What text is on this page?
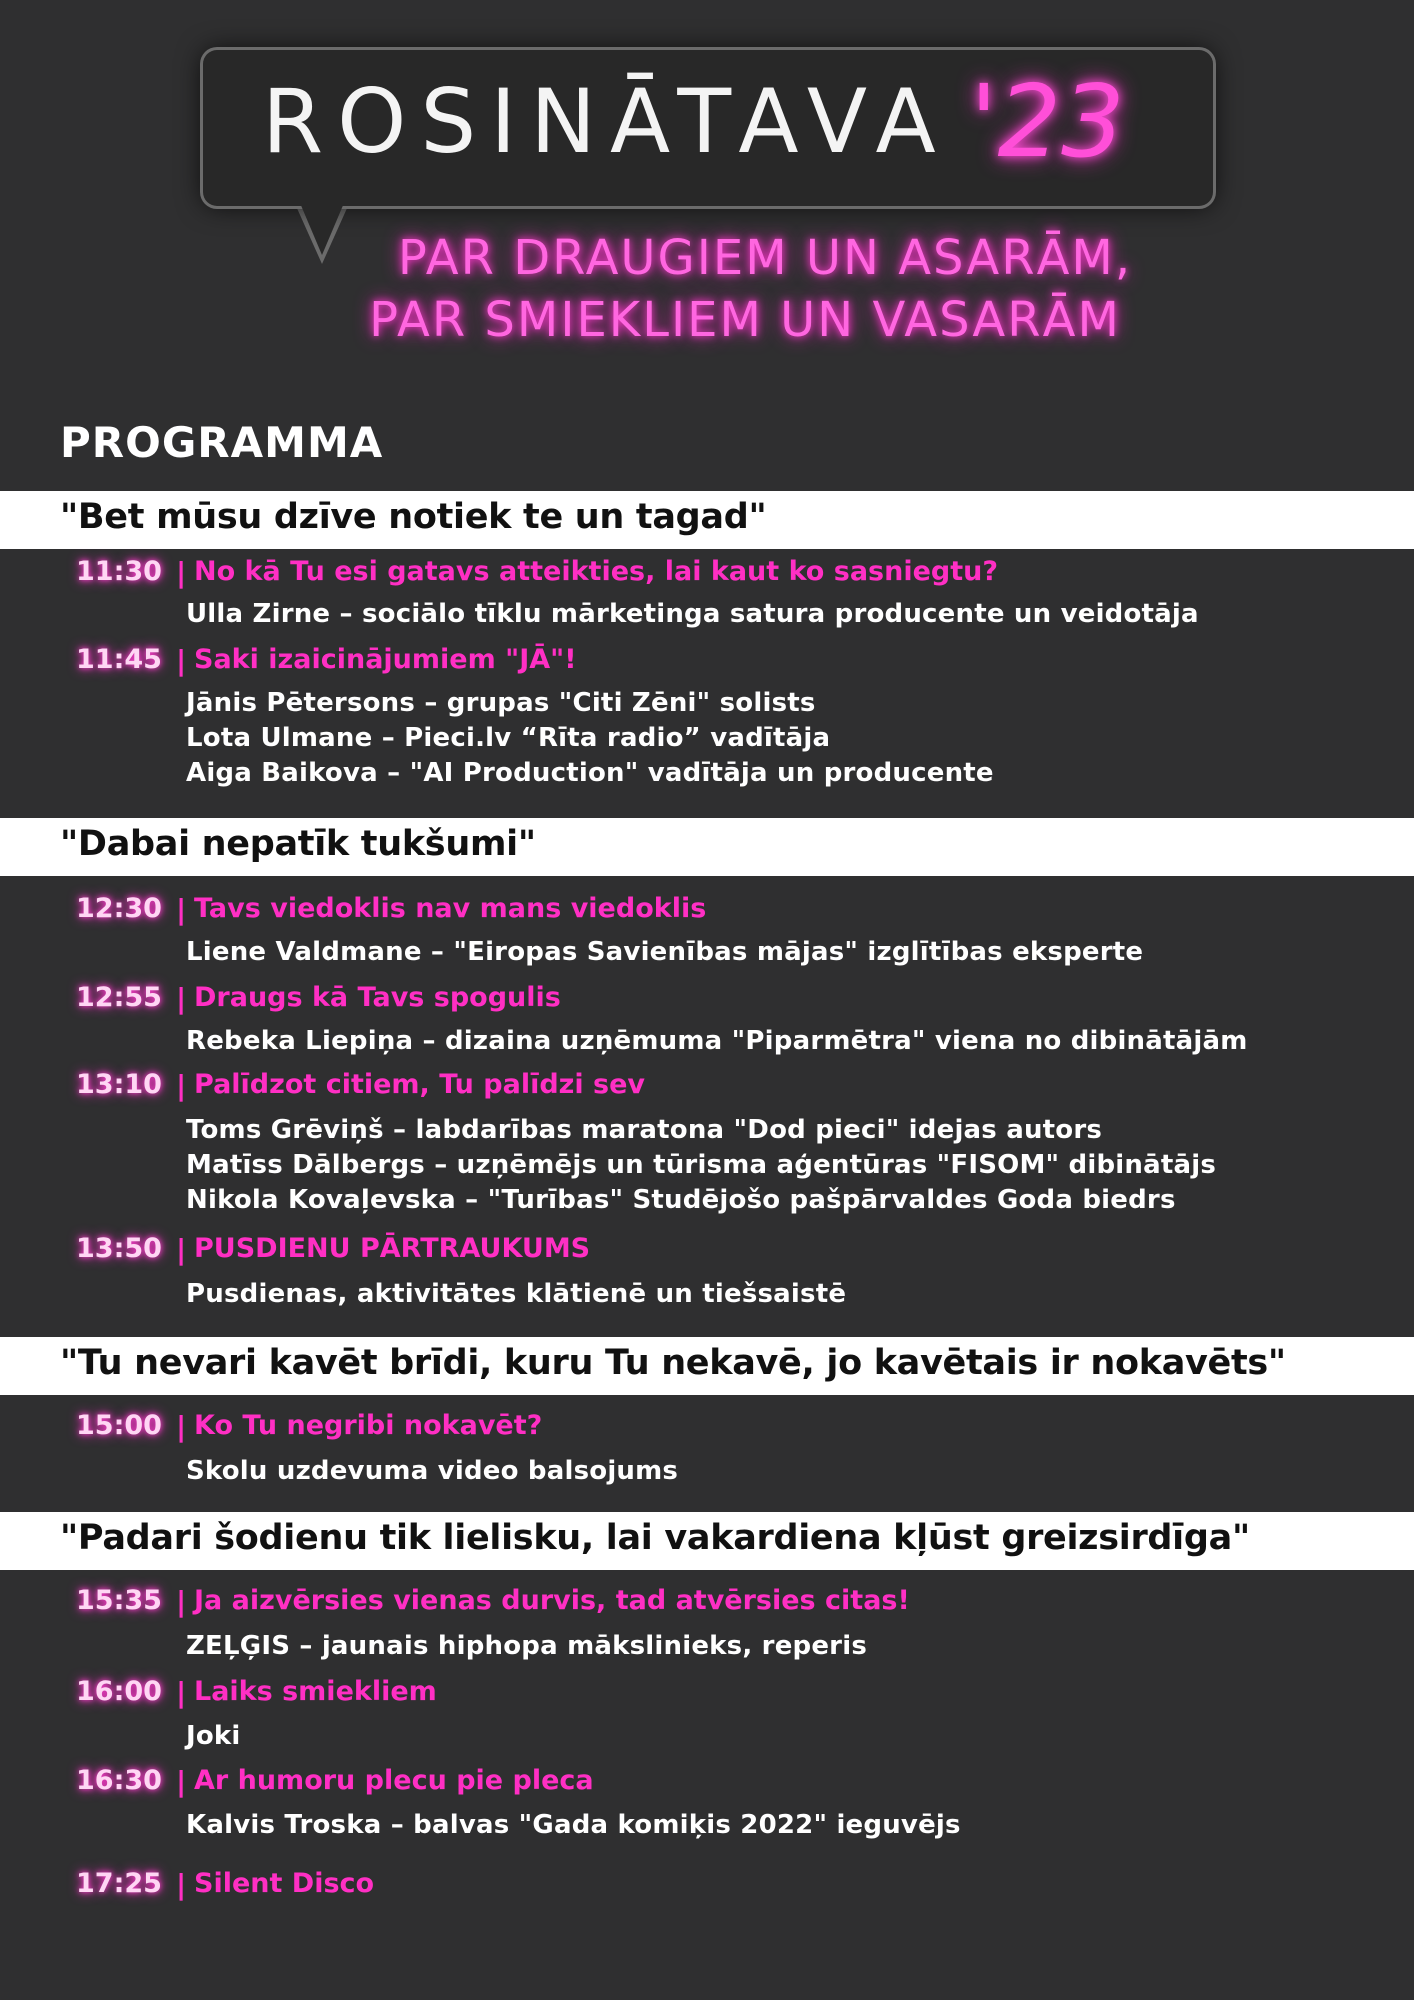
ROSINĀTAVA '23
PAR DRAUGIEM UN ASARĀM,
PAR SMIEKLIEM UN VASARĀM
PROGRAMMA
"Bet mūsu dzīve notiek te un tagad"
11:30 | No kā Tu esi gatavs atteikties, lai kaut ko sasniegtu?
Ulla Zirne – sociālo tīklu mārketinga satura producente un veidotāja
11:45 | Saki izaicinājumiem "JĀ"!
Jānis Pētersons – grupas "Citi Zēni" solists
Lota Ulmane – Pieci.lv “Rīta radio” vadītāja
Aiga Baikova – "AI Production" vadītāja un producente
"Dabai nepatīk tukšumi"
12:30 | Tavs viedoklis nav mans viedoklis
Liene Valdmane – "Eiropas Savienības mājas" izglītības eksperte
12:55 | Draugs kā Tavs spogulis
Rebeka Liepiņa – dizaina uzņēmuma "Piparmētra" viena no dibinātājām
13:10 | Palīdzot citiem, Tu palīdzi sev
Toms Grēviņš – labdarības maratona "Dod pieci" idejas autors
Matīss Dālbergs – uzņēmējs un tūrisma aģentūras "FISOM" dibinātājs
Nikola Kovaļevska – "Turības" Studējošo pašpārvaldes Goda biedrs
13:50 | PUSDIENU PĀRTRAUKUMS
Pusdienas, aktivitātes klātienē un tiešsaistē
"Tu nevari kavēt brīdi, kuru Tu nekavē, jo kavētais ir nokavēts"
15:00 | Ko Tu negribi nokavēt?
Skolu uzdevuma video balsojums
"Padari šodienu tik lielisku, lai vakardiena kļūst greizsirdīga"
15:35 | Ja aizvērsies vienas durvis, tad atvērsies citas!
ZEĻĢIS – jaunais hiphopa mākslinieks, reperis
16:00 | Laiks smiekliem
Joki
16:30 | Ar humoru plecu pie pleca
Kalvis Troska – balvas "Gada komiķis 2022" ieguvējs
17:25 | Silent Disco
